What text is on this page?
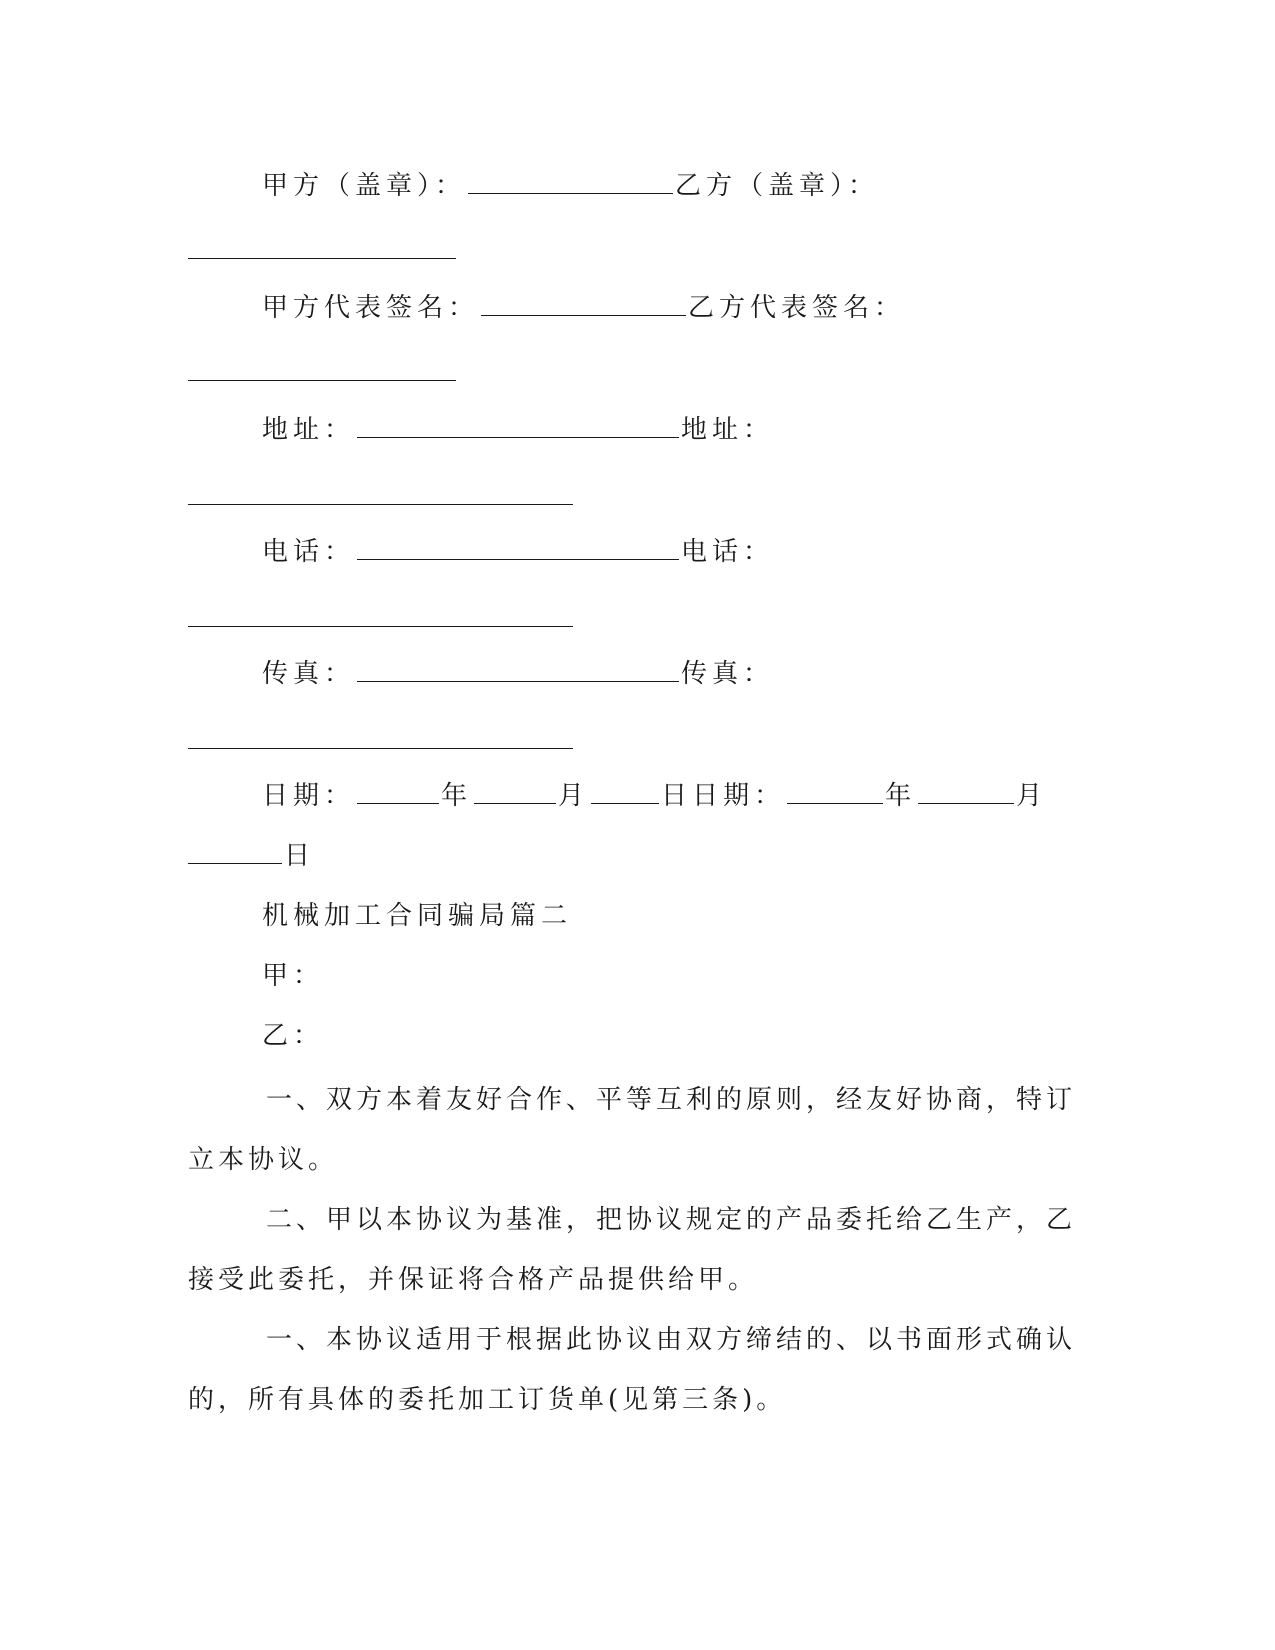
甲方（盖章）：	乙方（盖章）：
甲方代表签名：	乙方代表签名：
地址：	地址：
电话：	电话：
传真：	传真：
日期：	年	月	日日期：	年	月
日
机械加工合同骗局篇二
甲：
乙：
一、双方本着友好合作、平等互利的原则，经友好协商，特订立本协议。
二、甲以本协议为基准，把协议规定的产品委托给乙生产，乙接受此委托，并保证将合格产品提供给甲。
一、本协议适用于根据此协议由双方缔结的、以书面形式确认的，所有具体的委托加工订货单(见第三条)。
